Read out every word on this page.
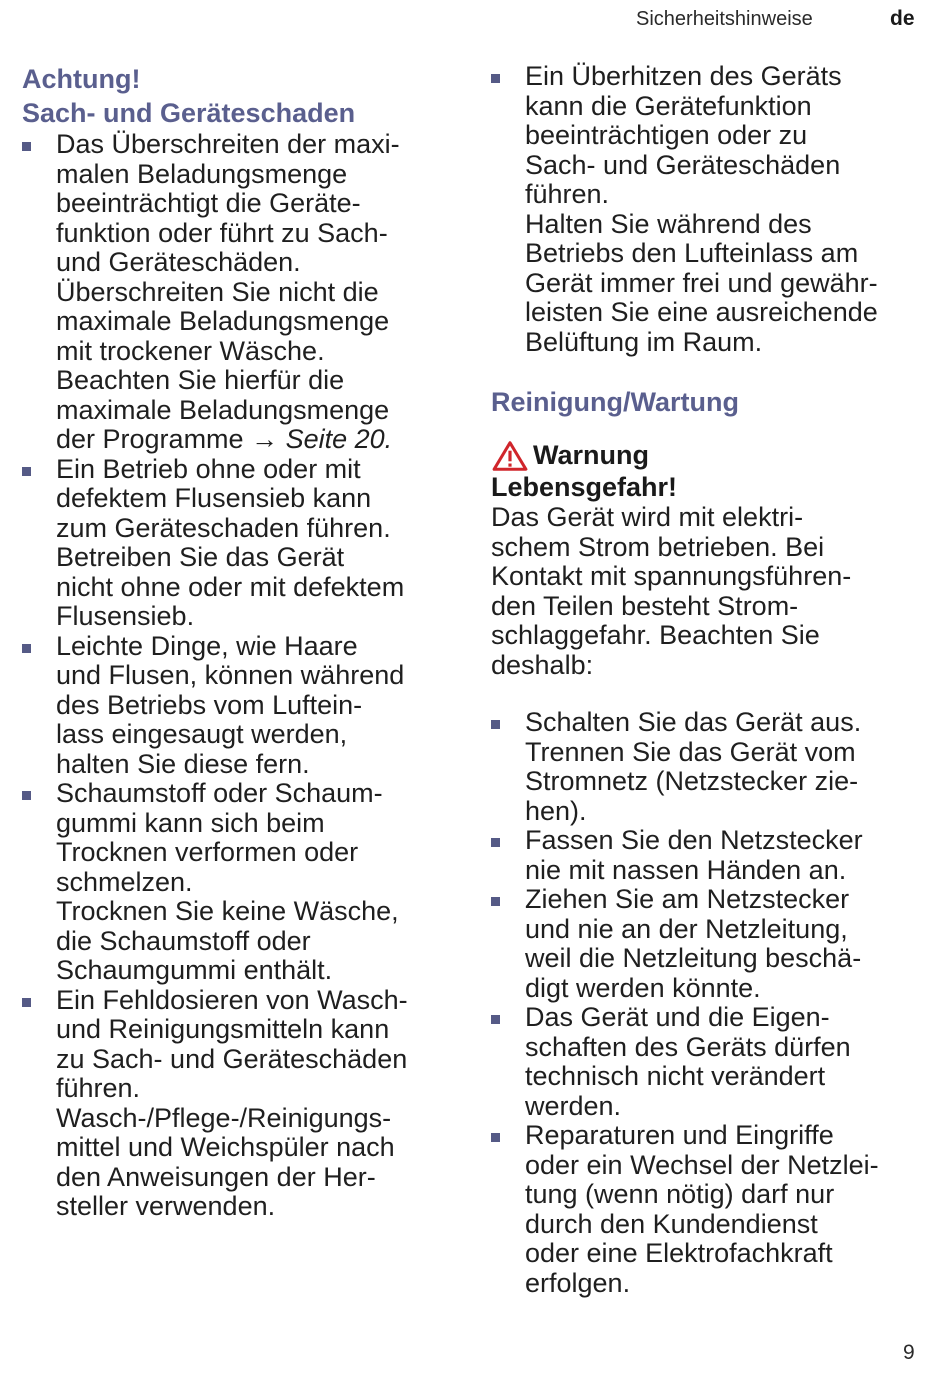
Sicherheitshinweise	de
Achtung!
Sach- und Geräteschaden
Das Überschreiten der maxi-
malen Beladungsmenge
beeinträchtigt die Geräte-
funktion oder führt zu Sach-
und Geräteschäden.
Überschreiten Sie nicht die
maximale Beladungsmenge
mit trockener Wäsche.
Beachten Sie hierfür die
maximale Beladungsmenge
der Programme → Seite 20.
Ein Betrieb ohne oder mit
defektem Flusensieb kann
zum Geräteschaden führen.
Betreiben Sie das Gerät
nicht ohne oder mit defektem
Flusensieb.
Leichte Dinge, wie Haare
und Flusen, können während
des Betriebs vom Luftein-
lass eingesaugt werden,
halten Sie diese fern.
Schaumstoff oder Schaum-
gummi kann sich beim
Trocknen verformen oder
schmelzen.
Trocknen Sie keine Wäsche,
die Schaumstoff oder
Schaumgummi enthält.
Ein Fehldosieren von Wasch-
und Reinigungsmitteln kann
zu Sach- und Geräteschäden
führen.
Wasch-/Pflege-/Reinigungs-
mittel und Weichspüler nach
den Anweisungen der Her-
steller verwenden.
Ein Überhitzen des Geräts
kann die Gerätefunktion
beeinträchtigen oder zu
Sach- und Geräteschäden
führen.
Halten Sie während des
Betriebs den Lufteinlass am
Gerät immer frei und gewähr-
leisten Sie eine ausreichende
Belüftung im Raum.
Reinigung/Wartung
Warnung
Lebensgefahr!
Das Gerät wird mit elektri-
schem Strom betrieben. Bei
Kontakt mit spannungsführen-
den Teilen besteht Strom-
schlaggefahr. Beachten Sie
deshalb:
Schalten Sie das Gerät aus.
Trennen Sie das Gerät vom
Stromnetz (Netzstecker zie-
hen).
Fassen Sie den Netzstecker
nie mit nassen Händen an.
Ziehen Sie am Netzstecker
und nie an der Netzleitung,
weil die Netzleitung beschä-
digt werden könnte.
Das Gerät und die Eigen-
schaften des Geräts dürfen
technisch nicht verändert
werden.
Reparaturen und Eingriffe
oder ein Wechsel der Netzlei-
tung (wenn nötig) darf nur
durch den Kundendienst
oder eine Elektrofachkraft
erfolgen.
9
